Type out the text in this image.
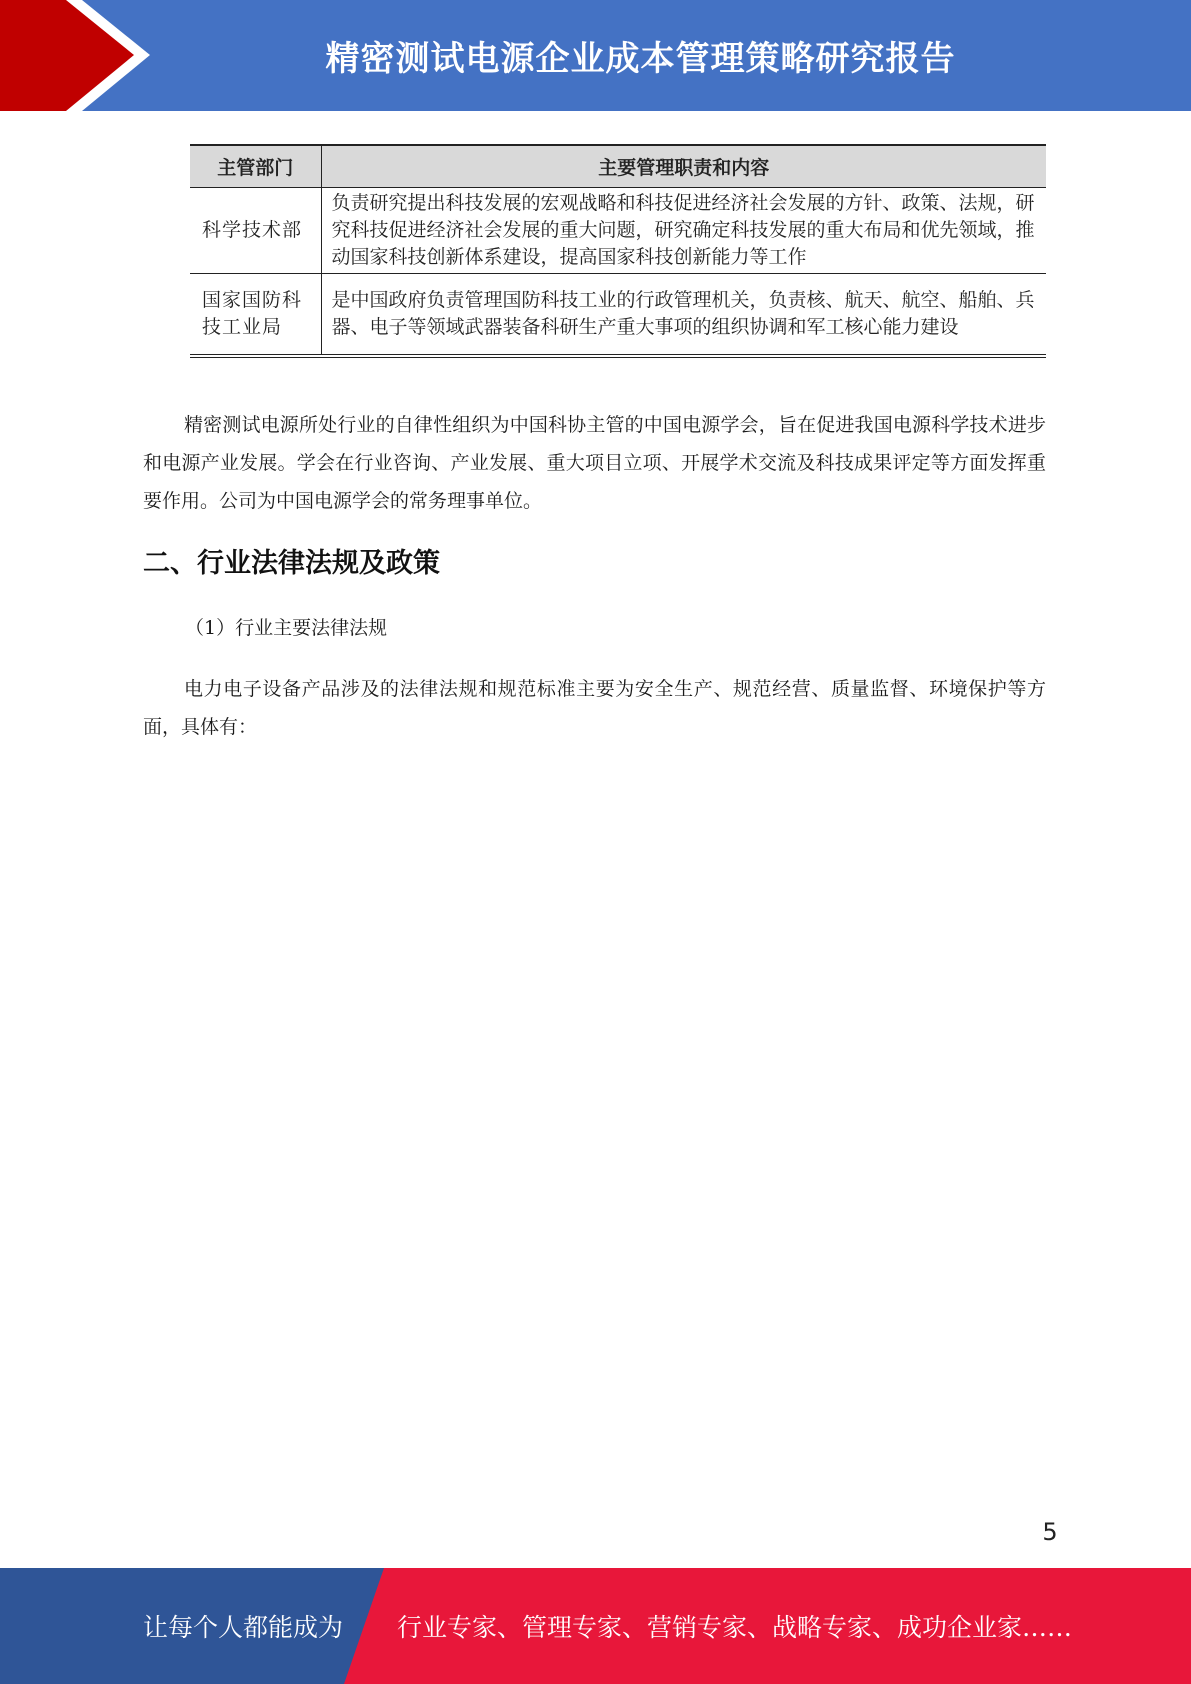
精密测试电源企业成本管理策略研究报告
主管部门	主要管理职责和内容
科学技术部	负责研究提出科技发展的宏观战略和科技促进经济社会发展的方针、政策、法规，研究科技促进经济社会发展的重大问题，研究确定科技发展的重大布局和优先领域，推动国家科技创新体系建设，提高国家科技创新能力等工作
国家国防科技工业局	是中国政府负责管理国防科技工业的行政管理机关，负责核、航天、航空、船舶、兵器、电子等领域武器装备科研生产重大事项的组织协调和军工核心能力建设

精密测试电源所处行业的自律性组织为中国科协主管的中国电源学会，旨在促进我国电源科学技术进步和电源产业发展。学会在行业咨询、产业发展、重大项目立项、开展学术交流及科技成果评定等方面发挥重要作用。公司为中国电源学会的常务理事单位。

二、行业法律法规及政策

（1）行业主要法律法规

电力电子设备产品涉及的法律法规和规范标准主要为安全生产、规范经营、质量监督、环境保护等方面，具体有：

5
让每个人都能成为 行业专家、管理专家、营销专家、战略专家、成功企业家……
